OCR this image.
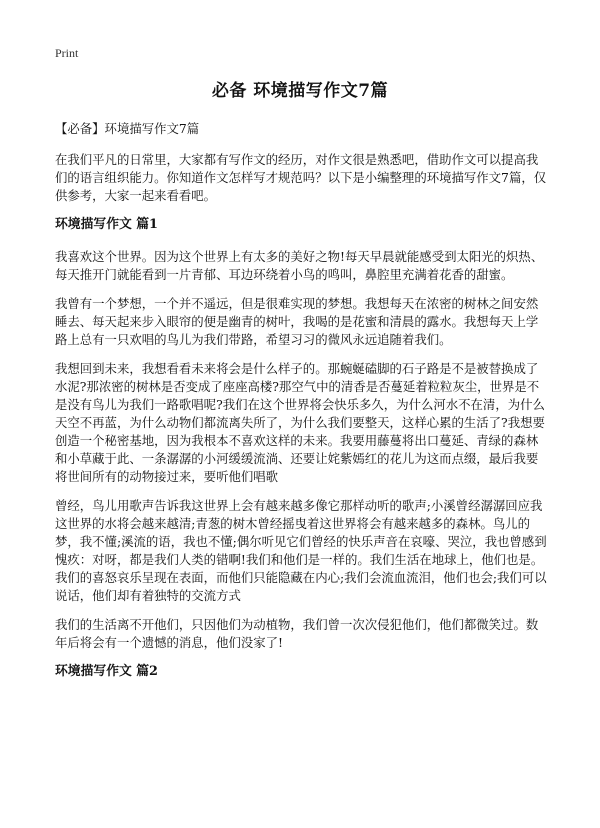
Print
必备 环境描写作文7篇

【必备】环境描写作文7篇

在我们平凡的日常里，大家都有写作文的经历，对作文很是熟悉吧，借助作文可以提高我们的语言组织能力。你知道作文怎样写才规范吗？以下是小编整理的环境描写作文7篇，仅供参考，大家一起来看看吧。

环境描写作文 篇1

我喜欢这个世界。因为这个世界上有太多的美好之物!每天早晨就能感受到太阳光的炽热、每天推开门就能看到一片青郁、耳边环绕着小鸟的鸣叫，鼻腔里充满着花香的甜蜜。

我曾有一个梦想，一个并不遥远，但是很难实现的梦想。我想每天在浓密的树林之间安然睡去、每天起来步入眼帘的便是幽青的树叶，我喝的是花蜜和清晨的露水。我想每天上学路上总有一只欢唱的鸟儿为我们带路，希望习习的微风永远追随着我们。

我想回到未来，我想看看未来将会是什么样子的。那蜿蜒磕脚的石子路是不是被替换成了水泥?那浓密的树林是否变成了座座高楼?那空气中的清香是否蔓延着粒粒灰尘，世界是不是没有鸟儿为我们一路歌唱呢?我们在这个世界将会快乐多久，为什么河水不在清，为什么天空不再蓝，为什么动物们都流离失所了，为什么我们要整天，这样心累的生活了?我想要创造一个秘密基地，因为我根本不喜欢这样的未来。我要用藤蔓将出口蔓延、青绿的森林和小草藏于此、一条潺潺的小河缓缓流淌、还要让姹紫嫣红的花儿为这而点缀，最后我要将世间所有的动物接过来，要听他们唱歌

曾经，鸟儿用歌声告诉我这世界上会有越来越多像它那样动听的歌声;小溪曾经潺潺回应我这世界的水将会越来越清;青葱的树木曾经摇曳着这世界将会有越来越多的森林。鸟儿的梦，我不懂;溪流的语，我也不懂;偶尔听见它们曾经的快乐声音在哀嚎、哭泣，我也曾感到愧疚：对呀，都是我们人类的错啊!我们和他们是一样的。我们生活在地球上，他们也是。我们的喜怒哀乐呈现在表面，而他们只能隐藏在内心;我们会流血流泪，他们也会;我们可以说话，他们却有着独特的交流方式

我们的生活离不开他们，只因他们为动植物，我们曾一次次侵犯他们，他们都微笑过。数年后将会有一个遗憾的消息，他们没家了!

环境描写作文 篇2
